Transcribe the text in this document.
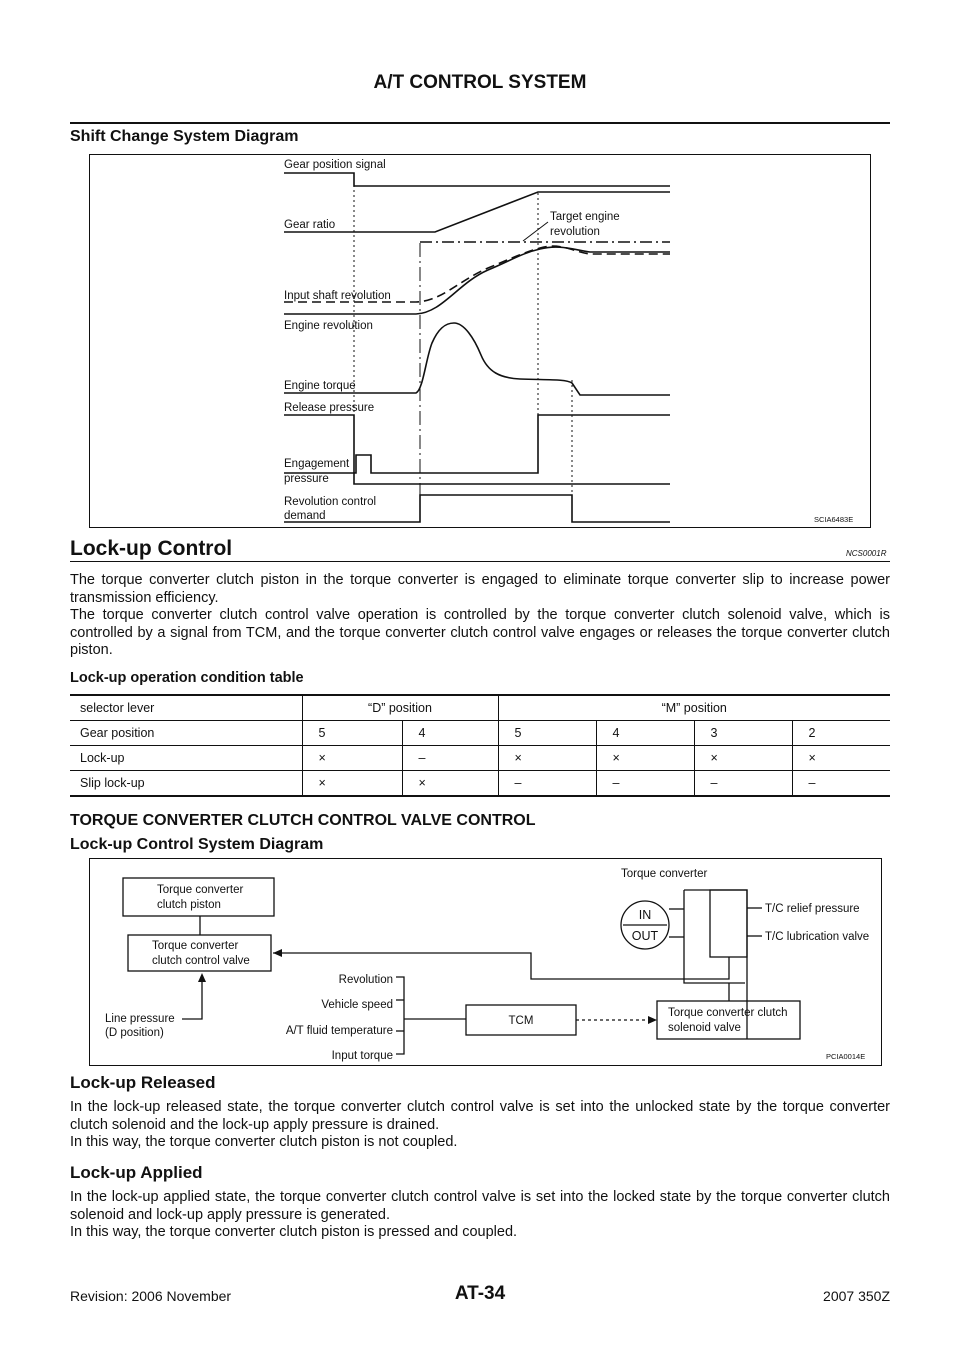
A/T CONTROL SYSTEM
Shift Change System Diagram
Gear position signal
Gear ratio
Target engine
revolution
Input shaft revolution
Engine revolution
Engine torque
Release pressure
Engagement
pressure
Revolution control
demand	SCIA6483E
Lock-up Control	NCS0001R

The torque converter clutch piston in the torque converter is engaged to eliminate torque converter slip to increase power transmission efficiency.

The torque converter clutch control valve operation is controlled by the torque converter clutch solenoid valve, which is controlled by a signal from TCM, and the torque converter clutch control valve engages or releases the torque converter clutch piston.

Lock-up operation condition table
selector lever	“D” position		“M” position			
Gear position	5	4	5	4	3	2
Lock-up	×	–	×	×	×	×
Slip lock-up	×	×	–	–	–	–
TORQUE CONVERTER CLUTCH CONTROL VALVE CONTROL
Lock-up Control System Diagram
Torque converter
clutch piston
Torque converter
clutch control valve
Torque converter
IN
OUT
T/C relief pressure
T/C lubrication valve
Revolution
Vehicle speed
A/T fluid temperature
Input torque
Line pressure
(D position)
TCM
Torque converter clutch
solenoid valve
PCIA0014E
Lock-up Released

In the lock-up released state, the torque converter clutch control valve is set into the unlocked state by the torque converter clutch solenoid and the lock-up apply pressure is drained.

In this way, the torque converter clutch piston is not coupled.

Lock-up Applied

In the lock-up applied state, the torque converter clutch control valve is set into the locked state by the torque converter clutch solenoid and lock-up apply pressure is generated.

In this way, the torque converter clutch piston is pressed and coupled.

AT-34
Revision: 2006 November	2007 350Z
